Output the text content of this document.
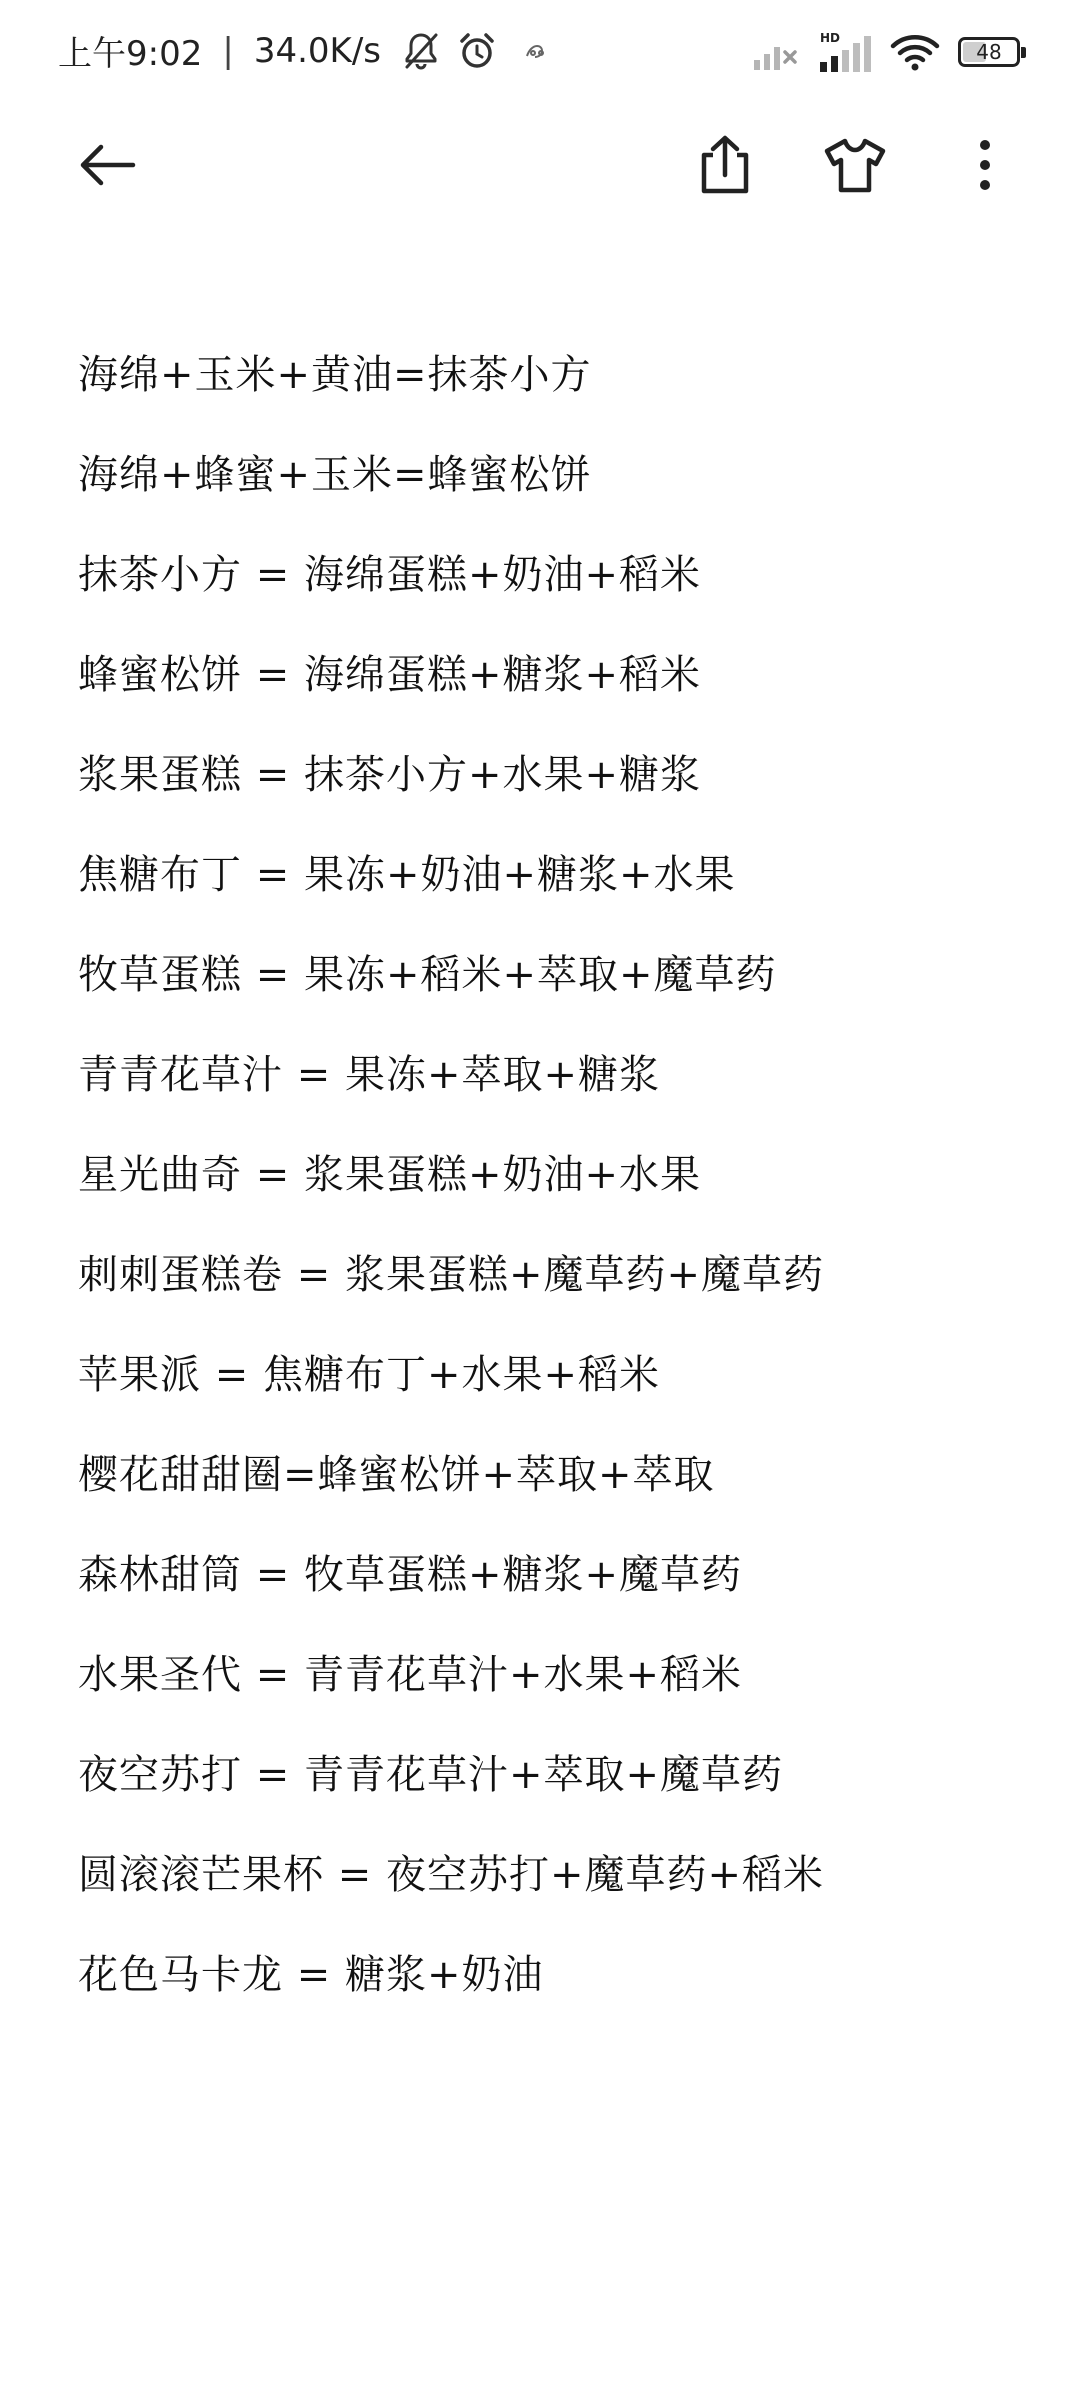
上午9:02 | 34.0K/s	HD
48
海绵+玉米+黄油=抹茶小方
海绵+蜂蜜+玉米=蜂蜜松饼
抹茶小方 = 海绵蛋糕+奶油+稻米
蜂蜜松饼 = 海绵蛋糕+糖浆+稻米
浆果蛋糕 = 抹茶小方+水果+糖浆
焦糖布丁 = 果冻+奶油+糖浆+水果
牧草蛋糕 = 果冻+稻米+萃取+魔草药
青青花草汁 = 果冻+萃取+糖浆
星光曲奇 = 浆果蛋糕+奶油+水果
刺刺蛋糕卷 = 浆果蛋糕+魔草药+魔草药
苹果派 = 焦糖布丁+水果+稻米
樱花甜甜圈=蜂蜜松饼+萃取+萃取
森林甜筒 = 牧草蛋糕+糖浆+魔草药
水果圣代 = 青青花草汁+水果+稻米
夜空苏打 = 青青花草汁+萃取+魔草药
圆滚滚芒果杯 = 夜空苏打+魔草药+稻米
花色马卡龙 = 糖浆+奶油
